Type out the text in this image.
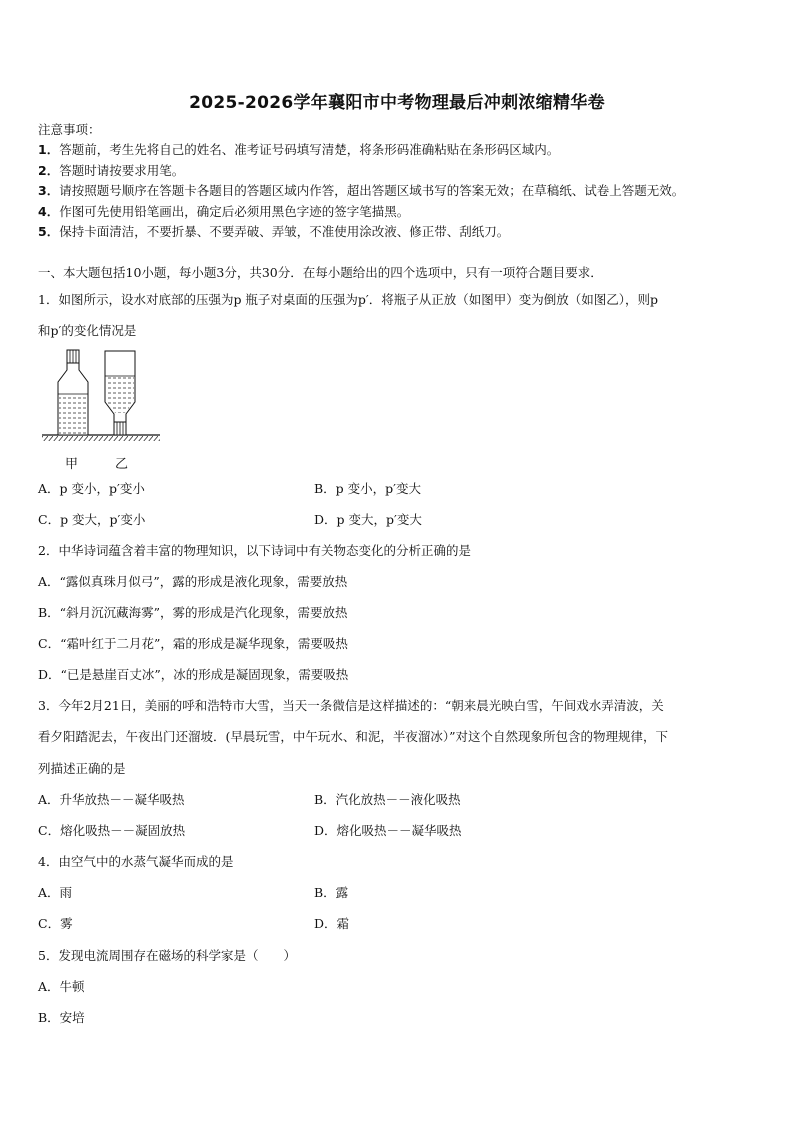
2025-2026学年襄阳市中考物理最后冲刺浓缩精华卷
注意事项：
1．答题前，考生先将自己的姓名、准考证号码填写清楚，将条形码准确粘贴在条形码区域内。
2．答题时请按要求用笔。
3．请按照题号顺序在答题卡各题目的答题区域内作答，超出答题区域书写的答案无效；在草稿纸、试卷上答题无效。
4．作图可先使用铅笔画出，确定后必须用黑色字迹的签字笔描黑。
5．保持卡面清洁，不要折暴、不要弄破、弄皱，不准使用涂改液、修正带、刮纸刀。
一、本大题包括10小题，每小题3分，共30分．在每小题给出的四个选项中，只有一项符合题目要求．
1．如图所示，设水对底部的压强为p 瓶子对桌面的压强为p′．将瓶子从正放（如图甲）变为倒放（如图乙），则p
和p′的变化情况是
甲	乙
A．p 变小，p′变小	B．p 变小，p′变大
C．p 变大，p′变小	D．p 变大，p′变大
2．中华诗词蕴含着丰富的物理知识，以下诗词中有关物态变化的分析正确的是
A．“露似真珠月似弓”，露的形成是液化现象，需要放热
B．“斜月沉沉藏海雾”，雾的形成是汽化现象，需要放热
C．“霜叶红于二月花”，霜的形成是凝华现象，需要吸热
D．“已是悬崖百丈冰”，冰的形成是凝固现象，需要吸热
3．今年2月21日，美丽的呼和浩特市大雪，当天一条微信是这样描述的：“朝来晨光映白雪，午间戏水弄清波，关
看夕阳踏泥去，午夜出门还溜坡．(早晨玩雪，中午玩水、和泥，半夜溜冰）”对这个自然现象所包含的物理规律，下
列描述正确的是
A．升华放热－－凝华吸热	B．汽化放热－－液化吸热
C．熔化吸热－－凝固放热	D．熔化吸热－－凝华吸热
4．由空气中的水蒸气凝华而成的是
A．雨	B．露
C．雾	D．霜
5．发现电流周围存在磁场的科学家是（　　）
A．牛顿
B．安培
